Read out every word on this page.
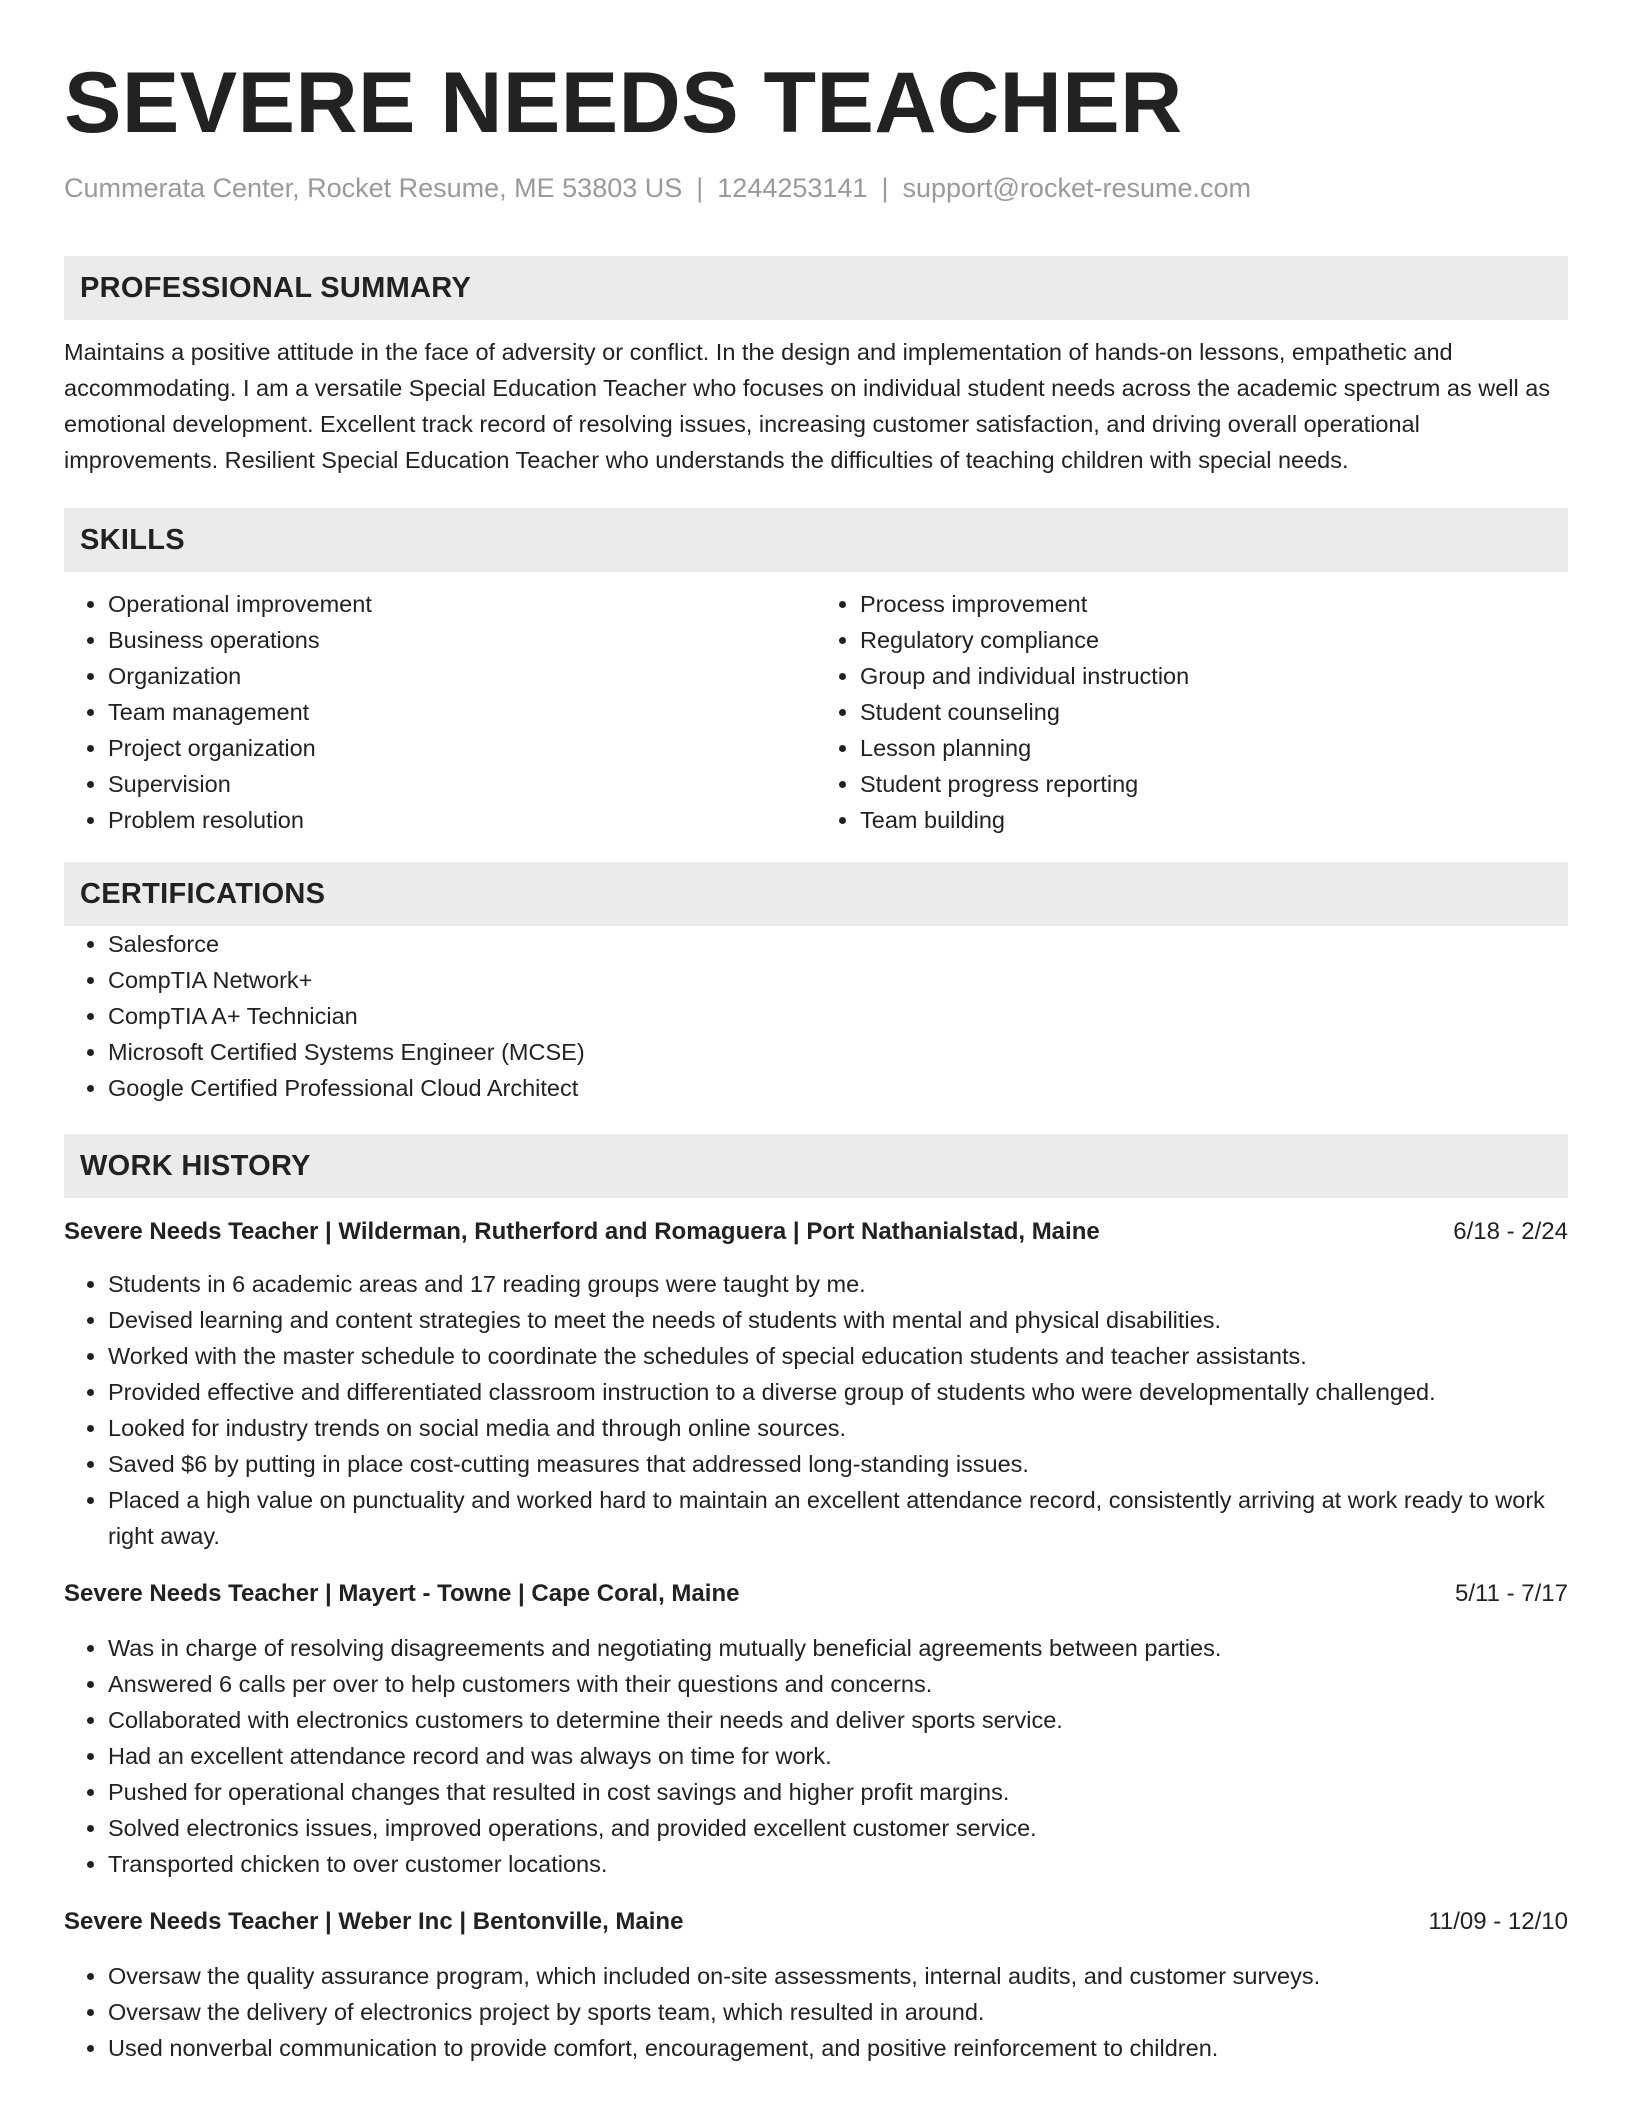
SEVERE NEEDS TEACHER
Cummerata Center, Rocket Resume, ME 53803 US | 1244253141 | support@rocket-resume.com
PROFESSIONAL SUMMARY
Maintains a positive attitude in the face of adversity or conflict. In the design and implementation of hands-on lessons, empathetic and accommodating. I am a versatile Special Education Teacher who focuses on individual student needs across the academic spectrum as well as emotional development. Excellent track record of resolving issues, increasing customer satisfaction, and driving overall operational improvements. Resilient Special Education Teacher who understands the difficulties of teaching children with special needs.
SKILLS
• Operational improvement
• Business operations
• Organization
• Team management
• Project organization
• Supervision
• Problem resolution
• Process improvement
• Regulatory compliance
• Group and individual instruction
• Student counseling
• Lesson planning
• Student progress reporting
• Team building
CERTIFICATIONS
• Salesforce
• CompTIA Network+
• CompTIA A+ Technician
• Microsoft Certified Systems Engineer (MCSE)
• Google Certified Professional Cloud Architect
WORK HISTORY
Severe Needs Teacher | Wilderman, Rutherford and Romaguera | Port Nathanialstad, Maine	6/18 - 2/24
• Students in 6 academic areas and 17 reading groups were taught by me.
• Devised learning and content strategies to meet the needs of students with mental and physical disabilities.
• Worked with the master schedule to coordinate the schedules of special education students and teacher assistants.
• Provided effective and differentiated classroom instruction to a diverse group of students who were developmentally challenged.
• Looked for industry trends on social media and through online sources.
• Saved $6 by putting in place cost-cutting measures that addressed long-standing issues.
• Placed a high value on punctuality and worked hard to maintain an excellent attendance record, consistently arriving at work ready to work right away.
Severe Needs Teacher | Mayert - Towne | Cape Coral, Maine	5/11 - 7/17
• Was in charge of resolving disagreements and negotiating mutually beneficial agreements between parties.
• Answered 6 calls per over to help customers with their questions and concerns.
• Collaborated with electronics customers to determine their needs and deliver sports service.
• Had an excellent attendance record and was always on time for work.
• Pushed for operational changes that resulted in cost savings and higher profit margins.
• Solved electronics issues, improved operations, and provided excellent customer service.
• Transported chicken to over customer locations.
Severe Needs Teacher | Weber Inc | Bentonville, Maine	11/09 - 12/10
• Oversaw the quality assurance program, which included on-site assessments, internal audits, and customer surveys.
• Oversaw the delivery of electronics project by sports team, which resulted in around.
• Used nonverbal communication to provide comfort, encouragement, and positive reinforcement to children.
